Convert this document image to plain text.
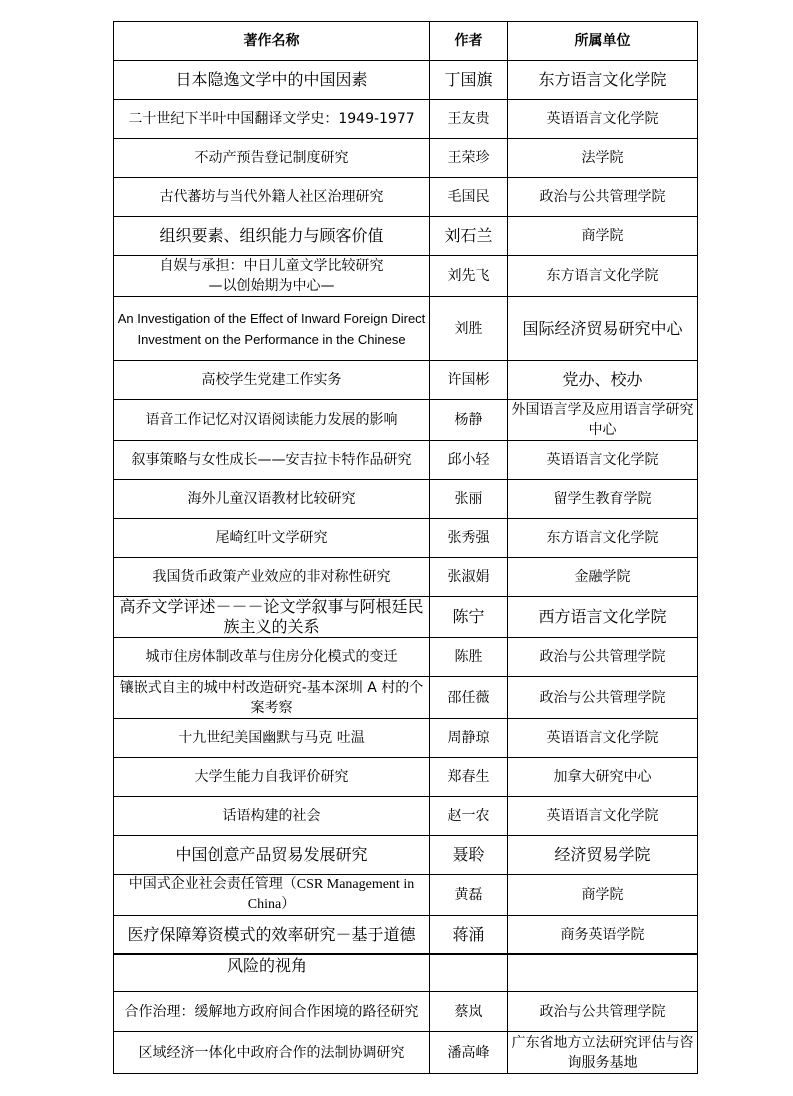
著作名称	作者	所属单位
日本隐逸文学中的中国因素	丁国旗	东方语言文化学院
二十世纪下半叶中国翻译文学史：1949-1977	王友贵	英语语言文化学院
不动产预告登记制度研究	王荣珍	法学院
古代蕃坊与当代外籍人社区治理研究	毛国民	政治与公共管理学院
组织要素、组织能力与顾客价值	刘石兰	商学院
自娱与承担：中日儿童文学比较研究
—以创始期为中心—	刘先飞	东方语言文化学院
An Investigation of the Effect of Inward Foreign Direct Investment on the Performance in the Chinese	刘胜	国际经济贸易研究中心
高校学生党建工作实务	许国彬	党办、校办
语音工作记忆对汉语阅读能力发展的影响	杨静	外国语言学及应用语言学研究中心
叙事策略与女性成长——安吉拉卡特作品研究	邱小轻	英语语言文化学院
海外儿童汉语教材比较研究	张丽	留学生教育学院
尾崎红叶文学研究	张秀强	东方语言文化学院
我国货币政策产业效应的非对称性研究	张淑娟	金融学院
高乔文学评述－－－论文学叙事与阿根廷民族主义的关系	陈宁	西方语言文化学院
城市住房体制改革与住房分化模式的变迁	陈胜	政治与公共管理学院
镶嵌式自主的城中村改造研究-基本深圳 A 村的个案考察	邵任薇	政治与公共管理学院
十九世纪美国幽默与马克 吐温	周静琼	英语语言文化学院
大学生能力自我评价研究	郑春生	加拿大研究中心
话语构建的社会	赵一农	英语语言文化学院
中国创意产品贸易发展研究	聂聆	经济贸易学院
中国式企业社会责任管理（CSR Management in China）	黄磊	商学院
医疗保障筹资模式的效率研究－基于道德	蒋涌	商务英语学院
风险的视角		
合作治理：缓解地方政府间合作困境的路径研究	蔡岚	政治与公共管理学院
区域经济一体化中政府合作的法制协调研究	潘高峰	广东省地方立法研究评估与咨询服务基地
